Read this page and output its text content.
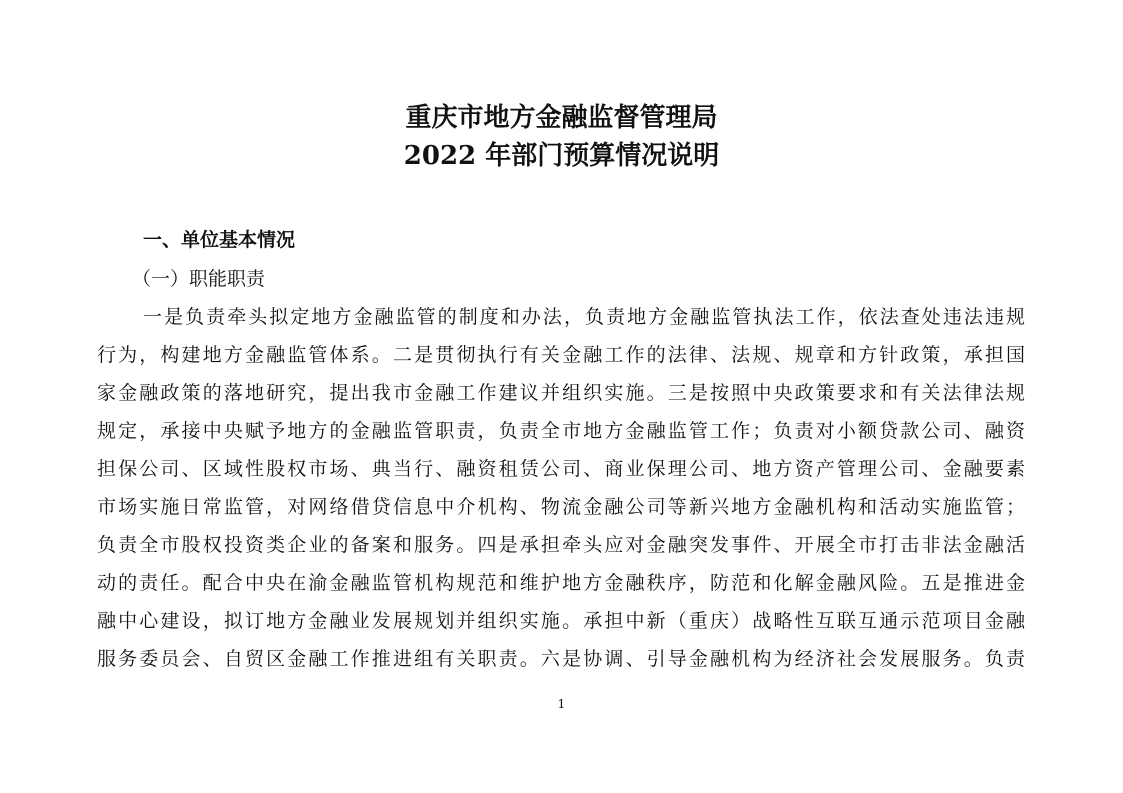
重庆市地方金融监督管理局
2022 年部门预算情况说明
一、单位基本情况
（一）职能职责
一是负责牵头拟定地方金融监管的制度和办法，负责地方金融监管执法工作，依法查处违法违规
行为，构建地方金融监管体系。二是贯彻执行有关金融工作的法律、法规、规章和方针政策，承担国
家金融政策的落地研究，提出我市金融工作建议并组织实施。三是按照中央政策要求和有关法律法规
规定，承接中央赋予地方的金融监管职责，负责全市地方金融监管工作；负责对小额贷款公司、融资
担保公司、区域性股权市场、典当行、融资租赁公司、商业保理公司、地方资产管理公司、金融要素
市场实施日常监管，对网络借贷信息中介机构、物流金融公司等新兴地方金融机构和活动实施监管；
负责全市股权投资类企业的备案和服务。四是承担牵头应对金融突发事件、开展全市打击非法金融活
动的责任。配合中央在渝金融监管机构规范和维护地方金融秩序，防范和化解金融风险。五是推进金
融中心建设，拟订地方金融业发展规划并组织实施。承担中新（重庆）战略性互联互通示范项目金融
服务委员会、自贸区金融工作推进组有关职责。六是协调、引导金融机构为经济社会发展服务。负责
1
